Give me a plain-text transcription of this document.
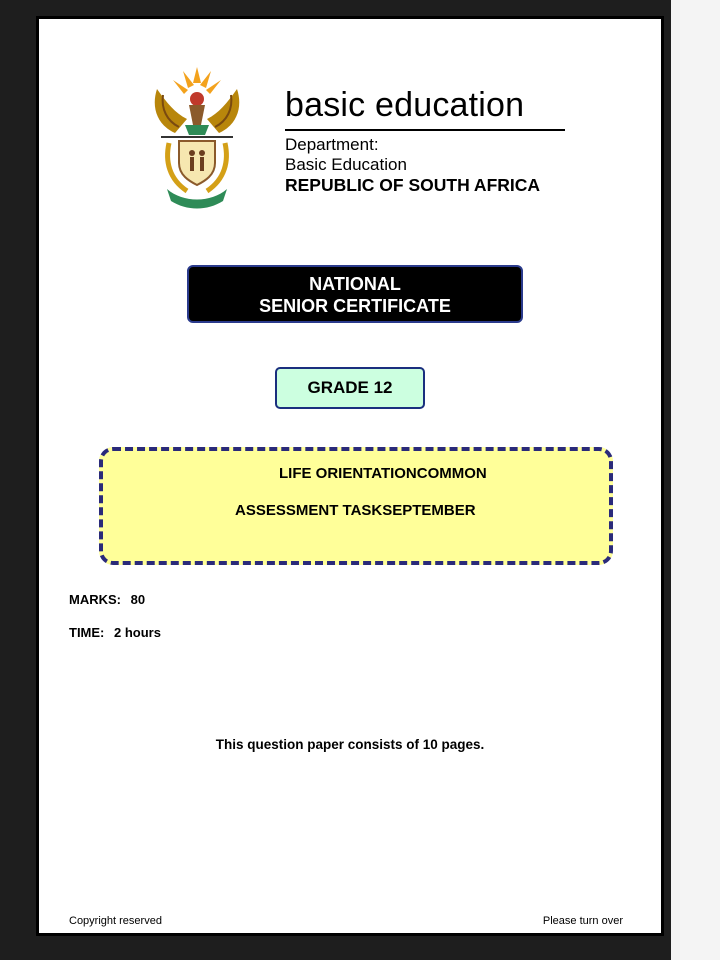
basic education
Department:
Basic Education
REPUBLIC OF SOUTH AFRICA
NATIONAL
SENIOR CERTIFICATE
GRADE 12
LIFE ORIENTATIONCOMMON
ASSESSMENT TASKSEPTEMBER
MARKS: 80
TIME: 2 hours
This question paper consists of 10 pages.
Copyright reserved	Please turn over
